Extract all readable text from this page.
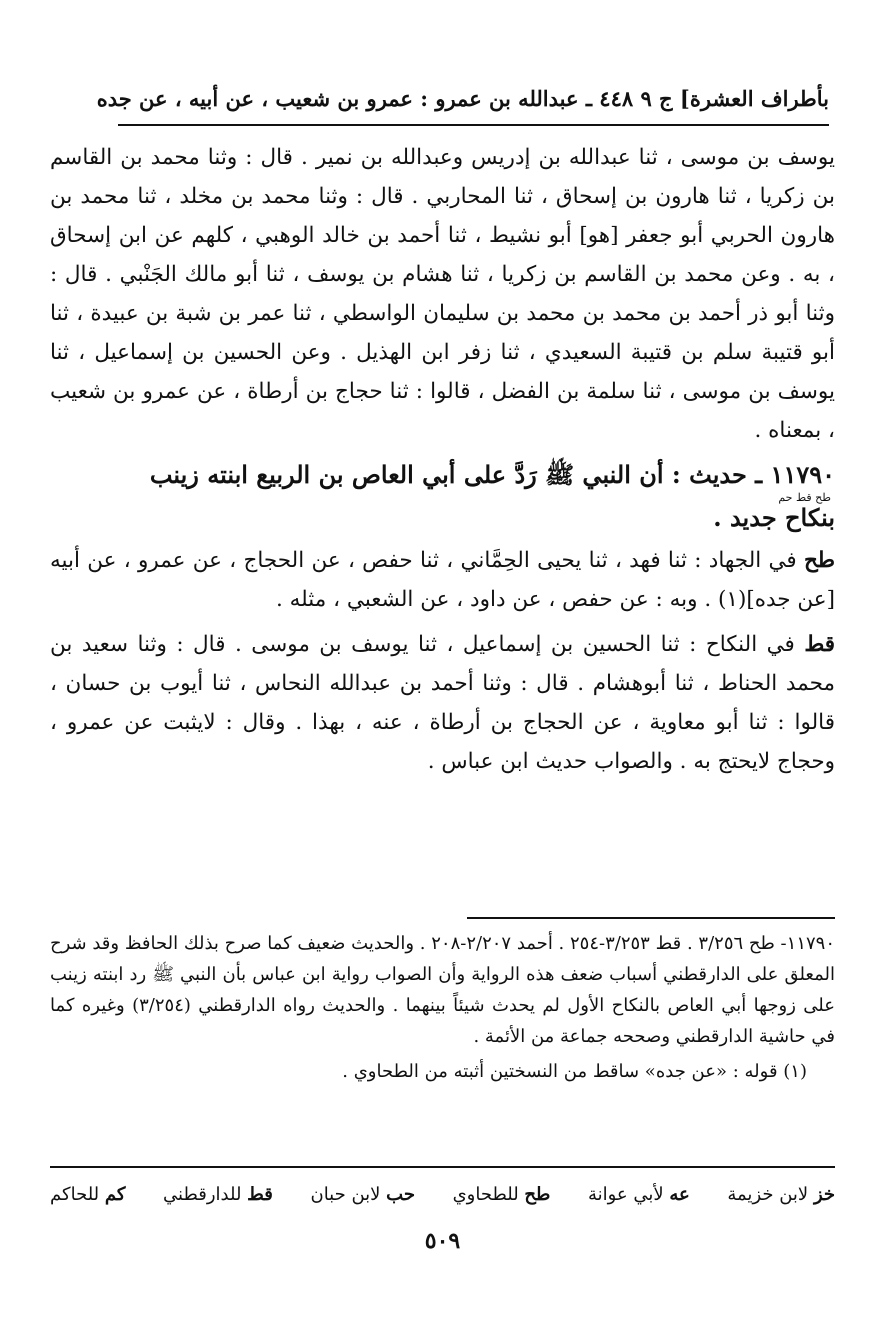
بأطراف العشرة] ج ٩ ٤٤٨ ـ عبدالله بن عمرو : عمرو بن شعيب ، عن أبيه ، عن جده

يوسف بن موسى ، ثنا عبدالله بن إدريس وعبدالله بن نمير . قال : وثنا محمد بن القاسم بن زكريا ، ثنا هارون بن إسحاق ، ثنا المحاربي . قال : وثنا محمد بن مخلد ، ثنا محمد بن هارون الحربي أبو جعفر [هو] أبو نشيط ، ثنا أحمد بن خالد الوهبي ، كلهم عن ابن إسحاق ، به . وعن محمد بن القاسم بن زكريا ، ثنا هشام بن يوسف ، ثنا أبو مالك الجَنْبي . قال : وثنا أبو ذر أحمد بن محمد بن محمد بن سليمان الواسطي ، ثنا عمر بن شبة بن عبيدة ، ثنا أبو قتيبة سلم بن قتيبة السعيدي ، ثنا زفر ابن الهذيل . وعن الحسين بن إسماعيل ، ثنا يوسف بن موسى ، ثنا سلمة بن الفضل ، قالوا : ثنا حجاج بن أرطاة ، عن عمرو بن شعيب ، بمعناه .

١١٧٩٠ ـ حديث : أن النبي ﷺ رَدَّ على أبي العاص بن الربيع ابنته زينب

طح قط حم
بنكاح جديد .

طح في الجهاد : ثنا فهد ، ثنا يحيى الحِمَّاني ، ثنا حفص ، عن الحجاج ، عن عمرو ، عن أبيه [عن جده](١) . وبه : عن حفص ، عن داود ، عن الشعبي ، مثله .

قط في النكاح : ثنا الحسين بن إسماعيل ، ثنا يوسف بن موسى . قال : وثنا سعيد بن محمد الحناط ، ثنا أبوهشام . قال : وثنا أحمد بن عبدالله النحاس ، ثنا أيوب بن حسان ، قالوا : ثنا أبو معاوية ، عن الحجاج بن أرطاة ، عنه ، بهذا . وقال : لايثبت عن عمرو ، وحجاج لايحتج به . والصواب حديث ابن عباس .

١١٧٩٠- طح ٣/٢٥٦ . قط ٣/٢٥٣-٢٥٤ . أحمد ٢/٢٠٧-٢٠٨ . والحديث ضعيف كما صرح بذلك الحافظ وقد شرح المعلق على الدارقطني أسباب ضعف هذه الرواية وأن الصواب رواية ابن عباس بأن النبي ﷺ رد ابنته زينب على زوجها أبي العاص بالنكاح الأول لم يحدث شيئاً بينهما . والحديث رواه الدارقطني (٣/٢٥٤) وغيره كما في حاشية الدارقطني وصححه جماعة من الأئمة .

(١) قوله : «عن جده» ساقط من النسختين أثبته من الطحاوي .

خز لابن خزيمة
عه لأبي عوانة
طح للطحاوي
حب لابن حبان
قط للدارقطني
كم للحاكم
٥٠٩
